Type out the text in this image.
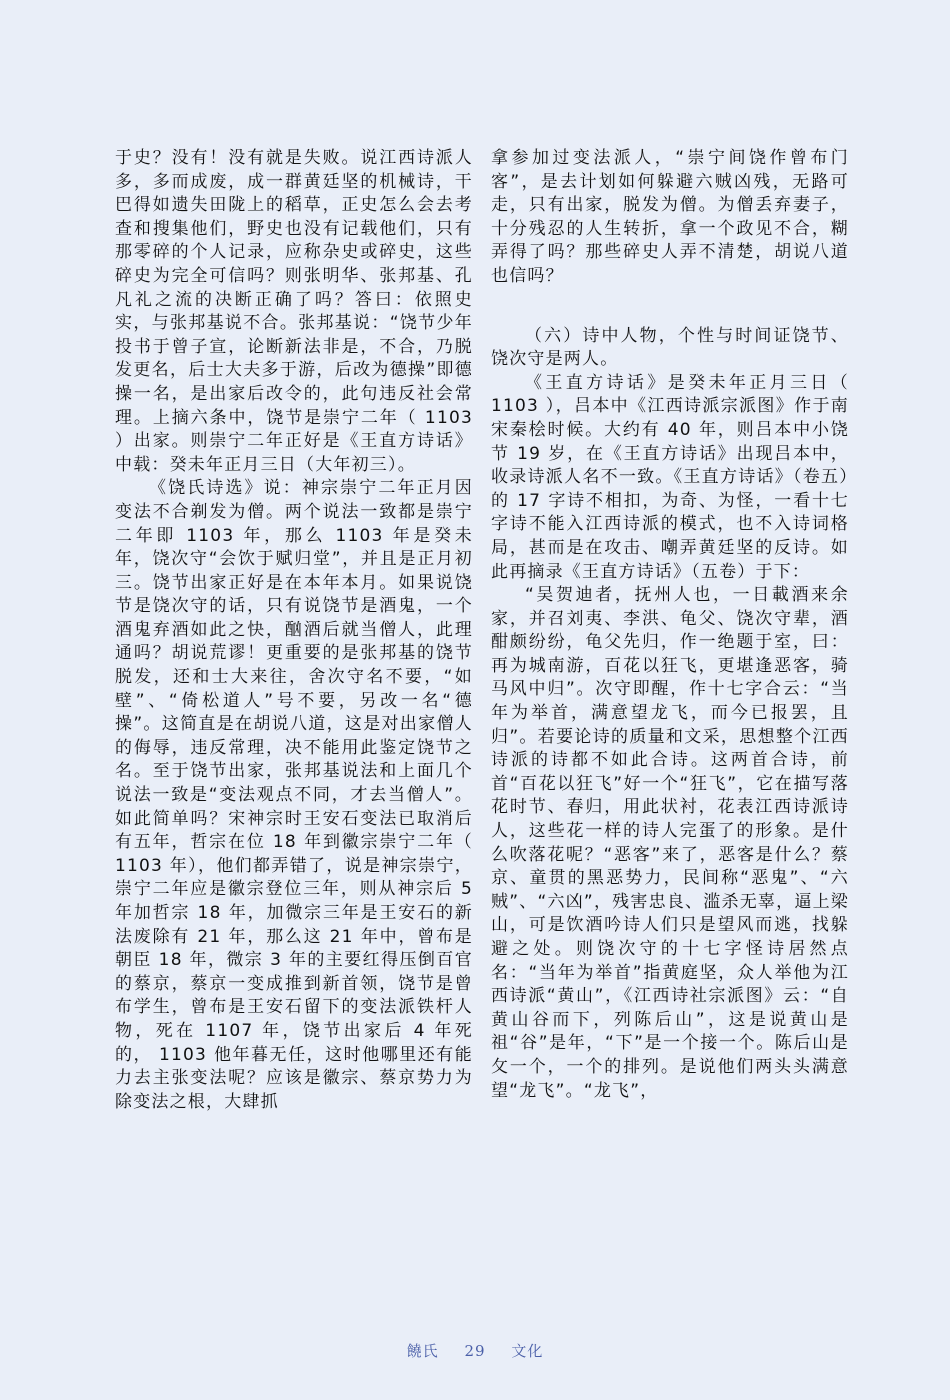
于史？没有！没有就是失败。说江西诗派人多，多而成废，成一群黄廷坚的机械诗，干巴得如遗失田陇上的稻草，正史怎么会去考查和搜集他们，野史也没有记载他们，只有那零碎的个人记录，应称杂史或碎史，这些碎史为完全可信吗？则张明华、张邦基、孔凡礼之流的决断正确了吗？答曰：依照史实，与张邦基说不合。张邦基说：“饶节少年投书于曾子宣，论断新法非是，不合，乃脱发更名，后士大夫多于游，后改为德操”即德操一名，是出家后改令的，此句违反社会常理。上摘六条中，饶节是崇宁二年（ 1103 ）出家。则崇宁二年正好是《王直方诗话》中载：癸未年正月三日（大年初三）。

《饶氏诗选》说：神宗崇宁二年正月因变法不合剃发为僧。两个说法一致都是崇宁二年即 1103 年，那么 1103 年是癸未年，饶次守“会饮于赋归堂”，并且是正月初三。饶节出家正好是在本年本月。如果说饶节是饶次守的话，只有说饶节是酒鬼，一个酒鬼弃酒如此之快，酗酒后就当僧人，此理通吗？胡说荒谬！更重要的是张邦基的饶节脱发，还和士大来往，舍次守名不要，“如壁”、“倚松道人”号不要，另改一名“德操”。这简直是在胡说八道，这是对出家僧人的侮辱，违反常理，决不能用此鉴定饶节之名。至于饶节出家，张邦基说法和上面几个说法一致是“变法观点不同，才去当僧人”。如此简单吗？宋神宗时王安石变法已取消后有五年，哲宗在位 18 年到徽宗崇宁二年（ 1103 年），他们都弄错了，说是神宗崇宁，崇宁二年应是徽宗登位三年，则从神宗后 5 年加哲宗 18 年，加微宗三年是王安石的新法废除有 21 年，那么这 21 年中，曾布是朝臣 18 年，微宗 3 年的主要红得压倒百官的蔡京，蔡京一变成推到新首领，饶节是曾布学生，曾布是王安石留下的变法派铁杆人物，死在 1107 年，饶节出家后 4 年死的， 1103 他年暮无任，这时他哪里还有能力去主张变法呢？应该是徽宗、蔡京势力为除变法之根，大肆抓

拿参加过变法派人，“崇宁间饶作曾布门客”，是去计划如何躲避六贼凶残，无路可走，只有出家，脱发为僧。为僧丢弃妻子，十分残忍的人生转折，拿一个政见不合，糊弄得了吗？那些碎史人弄不清楚，胡说八道也信吗？

（六）诗中人物，个性与时间证饶节、饶次守是两人。

《王直方诗话》是癸未年正月三日（ 1103 ），吕本中《江西诗派宗派图》作于南宋秦桧时候。大约有 40 年，则吕本中小饶节 19 岁，在《王直方诗话》出现吕本中，收录诗派人名不一致。《王直方诗话》（卷五）的 17 字诗不相扣，为奇、为怪，一看十七字诗不能入江西诗派的模式，也不入诗词格局，甚而是在攻击、嘲弄黄廷坚的反诗。如此再摘录《王直方诗话》（五卷）于下：

“吴贺迪者，抚州人也，一日載酒来余家，并召刘夷、李洪、龟父、饶次守辈，酒酣颇纷纷，龟父先归，作一绝题于室，曰：再为城南游，百花以狂飞，更堪逢恶客，骑马风中归”。次守即醒，作十七字合云：“当年为举首，满意望龙飞，而今已报罢，且归”。若要论诗的质量和文采，思想整个江西诗派的诗都不如此合诗。这两首合诗，前首“百花以狂飞”好一个“狂飞”，它在描写落花时节、春归，用此状衬，花表江西诗派诗人，这些花一样的诗人完蛋了的形象。是什么吹落花呢？“恶客”来了，恶客是什么？蔡京、童贯的黑恶势力，民间称“恶鬼”、“六贼”、“六凶”，残害忠良、滥杀无辜，逼上梁山，可是饮酒吟诗人们只是望风而逃，找躲避之处。则饶次守的十七字怪诗居然点名：“当年为举首”指黄庭坚，众人举他为江西诗派“黄山”，《江西诗社宗派图》云：“自黄山谷而下，列陈后山”，这是说黄山是祖“谷”是年，“下”是一个接一个。陈后山是攵一个，一个的排列。是说他们两头头满意望“龙飞”。“龙飞”，

饒氏 29 文化
